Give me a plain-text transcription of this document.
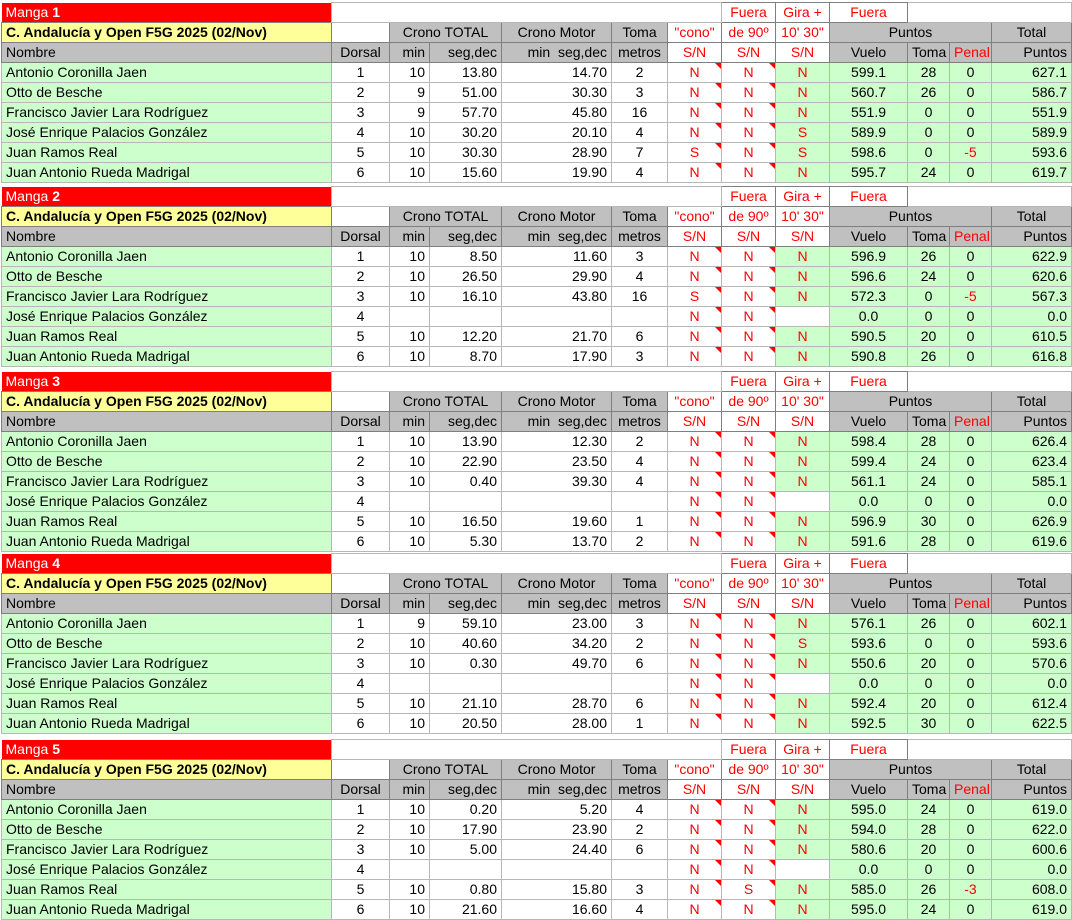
Manga 1							Fuera	Gira +	Fuera				
C. Andalucía y Open F5G 2025 (02/Nov)		Crono TOTAL		Crono Motor	Toma	"cono"	de 90º	10' 30"	Puntos			Total	
Nombre	Dorsal	min	seg,dec	min seg,dec	metros	S/N	S/N	S/N	Vuelo	Toma	Penal	Puntos	
Antonio Coronilla Jaen	1	10	13.80	14.70	2	N	N	N	599.1	28	0	627.1	
Otto de Besche	2	9	51.00	30.30	3	N	N	N	560.7	26	0	586.7	
Francisco Javier Lara Rodríguez	3	9	57.70	45.80	16	N	N	N	551.9	0	0	551.9	
José Enrique Palacios González	4	10	30.20	20.10	4	N	N	S	589.9	0	0	589.9	
Juan Ramos Real	5	10	30.30	28.90	7	S	N	S	598.6	0	-5	593.6	
Juan Antonio Rueda Madrigal	6	10	15.60	19.90	4	N	N	N	595.7	24	0	619.7	
Manga 2							Fuera	Gira +	Fuera				
C. Andalucía y Open F5G 2025 (02/Nov)		Crono TOTAL		Crono Motor	Toma	"cono"	de 90º	10' 30"	Puntos			Total	
Nombre	Dorsal	min	seg,dec	min seg,dec	metros	S/N	S/N	S/N	Vuelo	Toma	Penal	Puntos	
Antonio Coronilla Jaen	1	10	8.50	11.60	3	N	N	N	596.9	26	0	622.9	
Otto de Besche	2	10	26.50	29.90	4	N	N	N	596.6	24	0	620.6	
Francisco Javier Lara Rodríguez	3	10	16.10	43.80	16	S	N	N	572.3	0	-5	567.3	
José Enrique Palacios González	4					N	N		0.0	0	0	0.0	
Juan Ramos Real	5	10	12.20	21.70	6	N	N	N	590.5	20	0	610.5	
Juan Antonio Rueda Madrigal	6	10	8.70	17.90	3	N	N	N	590.8	26	0	616.8	
Manga 3							Fuera	Gira +	Fuera				
C. Andalucía y Open F5G 2025 (02/Nov)		Crono TOTAL		Crono Motor	Toma	"cono"	de 90º	10' 30"	Puntos			Total	
Nombre	Dorsal	min	seg,dec	min seg,dec	metros	S/N	S/N	S/N	Vuelo	Toma	Penal	Puntos	
Antonio Coronilla Jaen	1	10	13.90	12.30	2	N	N	N	598.4	28	0	626.4	
Otto de Besche	2	10	22.90	23.50	4	N	N	N	599.4	24	0	623.4	
Francisco Javier Lara Rodríguez	3	10	0.40	39.30	4	N	N	N	561.1	24	0	585.1	
José Enrique Palacios González	4					N	N		0.0	0	0	0.0	
Juan Ramos Real	5	10	16.50	19.60	1	N	N	N	596.9	30	0	626.9	
Juan Antonio Rueda Madrigal	6	10	5.30	13.70	2	N	N	N	591.6	28	0	619.6	
Manga 4							Fuera	Gira +	Fuera				
C. Andalucía y Open F5G 2025 (02/Nov)		Crono TOTAL		Crono Motor	Toma	"cono"	de 90º	10' 30"	Puntos			Total	
Nombre	Dorsal	min	seg,dec	min seg,dec	metros	S/N	S/N	S/N	Vuelo	Toma	Penal	Puntos	
Antonio Coronilla Jaen	1	9	59.10	23.00	3	N	N	N	576.1	26	0	602.1	
Otto de Besche	2	10	40.60	34.20	2	N	N	S	593.6	0	0	593.6	
Francisco Javier Lara Rodríguez	3	10	0.30	49.70	6	N	N	N	550.6	20	0	570.6	
José Enrique Palacios González	4					N	N		0.0	0	0	0.0	
Juan Ramos Real	5	10	21.10	28.70	6	N	N	N	592.4	20	0	612.4	
Juan Antonio Rueda Madrigal	6	10	20.50	28.00	1	N	N	N	592.5	30	0	622.5	
Manga 5							Fuera	Gira +	Fuera				
C. Andalucía y Open F5G 2025 (02/Nov)		Crono TOTAL		Crono Motor	Toma	"cono"	de 90º	10' 30"	Puntos			Total	
Nombre	Dorsal	min	seg,dec	min seg,dec	metros	S/N	S/N	S/N	Vuelo	Toma	Penal	Puntos	
Antonio Coronilla Jaen	1	10	0.20	5.20	4	N	N	N	595.0	24	0	619.0	
Otto de Besche	2	10	17.90	23.90	2	N	N	N	594.0	28	0	622.0	
Francisco Javier Lara Rodríguez	3	10	5.00	24.40	6	N	N	N	580.6	20	0	600.6	
José Enrique Palacios González	4					N	N		0.0	0	0	0.0	
Juan Ramos Real	5	10	0.80	15.80	3	N	S	N	585.0	26	-3	608.0	
Juan Antonio Rueda Madrigal	6	10	21.60	16.60	4	N	N	N	595.0	24	0	619.0	
